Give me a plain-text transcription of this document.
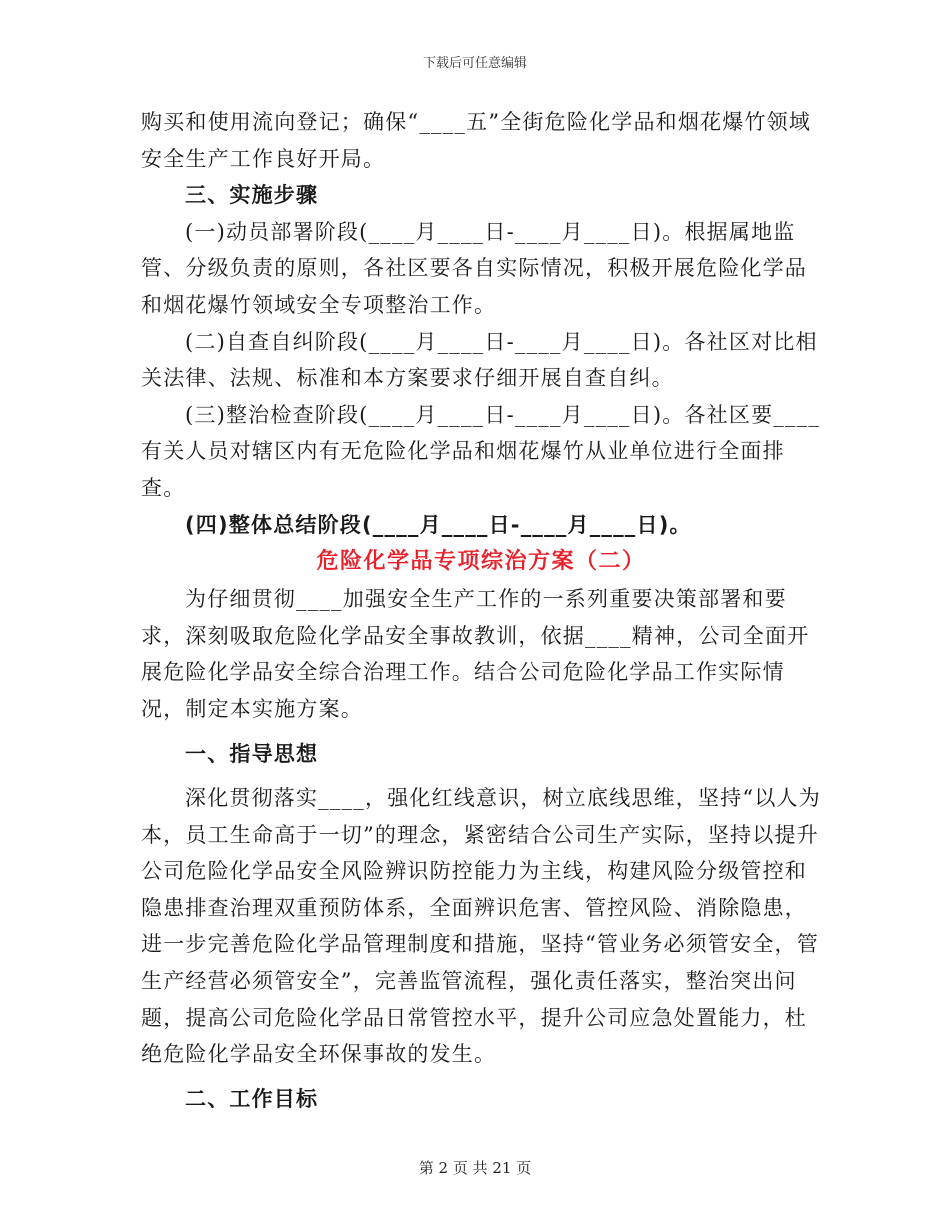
下载后可任意编辑

购买和使用流向登记；确保“____五”全街危险化学品和烟花爆竹领域安全生产工作良好开局。

三、实施步骤

(一)动员部署阶段(____月____日-____月____日)。根据属地监管、分级负责的原则，各社区要各自实际情况，积极开展危险化学品和烟花爆竹领域安全专项整治工作。

(二)自查自纠阶段(____月____日-____月____日)。各社区对比相关法律、法规、标准和本方案要求仔细开展自查自纠。

(三)整治检查阶段(____月____日-____月____日)。各社区要____有关人员对辖区内有无危险化学品和烟花爆竹从业单位进行全面排查。

(四)整体总结阶段(____月____日-____月____日)。

危险化学品专项综治方案（二）

为仔细贯彻____加强安全生产工作的一系列重要决策部署和要求，深刻吸取危险化学品安全事故教训，依据____精神，公司全面开展危险化学品安全综合治理工作。结合公司危险化学品工作实际情况，制定本实施方案。

一、指导思想

深化贯彻落实____，强化红线意识，树立底线思维，坚持“以人为本，员工生命高于一切”的理念，紧密结合公司生产实际，坚持以提升公司危险化学品安全风险辨识防控能力为主线，构建风险分级管控和隐患排查治理双重预防体系，全面辨识危害、管控风险、消除隐患，进一步完善危险化学品管理制度和措施，坚持“管业务必须管安全，管生产经营必须管安全”，完善监管流程，强化责任落实，整治突出问题，提高公司危险化学品日常管控水平，提升公司应急处置能力，杜绝危险化学品安全环保事故的发生。

二、工作目标

第 2 页 共 21 页
